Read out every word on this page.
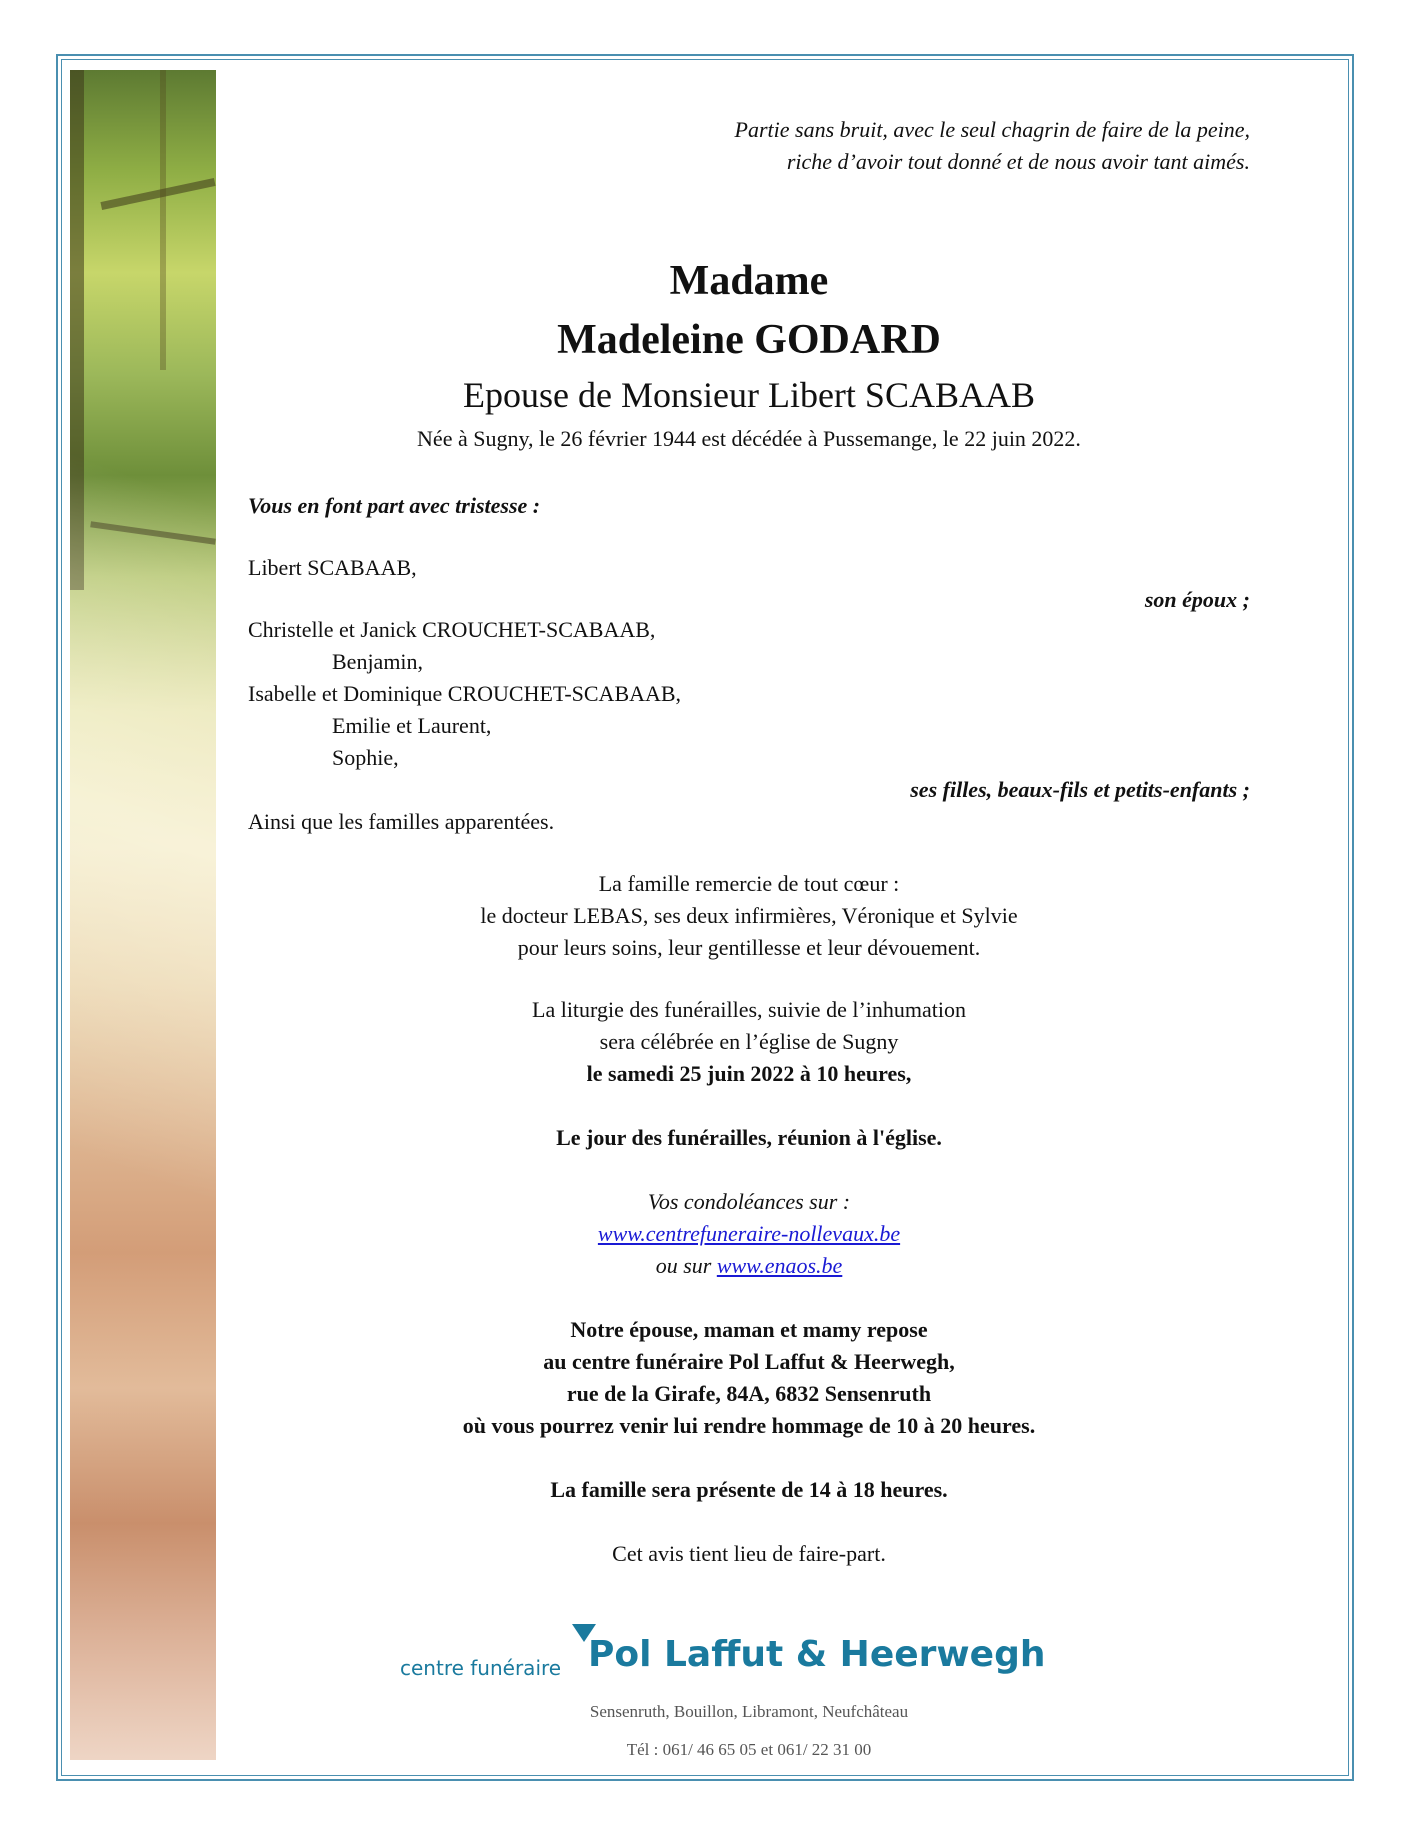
Partie sans bruit, avec le seul chagrin de faire de la peine,
riche d’avoir tout donné et de nous avoir tant aimés.
Madame
Madeleine GODARD
Epouse de Monsieur Libert SCABAAB
Née à Sugny, le 26 février 1944 est décédée à Pussemange, le 22 juin 2022.
Vous en font part avec tristesse :
Libert SCABAAB,
son époux ;
Christelle et Janick CROUCHET-SCABAAB,
Benjamin,
Isabelle et Dominique CROUCHET-SCABAAB,
Emilie et Laurent,
Sophie,
ses filles, beaux-fils et petits-enfants ;
Ainsi que les familles apparentées.
La famille remercie de tout cœur :
le docteur LEBAS, ses deux infirmières, Véronique et Sylvie
pour leurs soins, leur gentillesse et leur dévouement.
La liturgie des funérailles, suivie de l’inhumation
sera célébrée en l’église de Sugny
le samedi 25 juin 2022 à 10 heures,
Le jour des funérailles, réunion à l'église.
Vos condoléances sur :
www.centrefuneraire-nollevaux.be
ou sur www.enaos.be
Notre épouse, maman et mamy repose
au centre funéraire Pol Laffut & Heerwegh,
rue de la Girafe, 84A, 6832 Sensenruth
où vous pourrez venir lui rendre hommage de 10 à 20 heures.
La famille sera présente de 14 à 18 heures.
Cet avis tient lieu de faire-part.
centre funéraire Pol Laffut & Heerwegh
Sensenruth, Bouillon, Libramont, Neufchâteau
Tél : 061/ 46 65 05 et 061/ 22 31 00
